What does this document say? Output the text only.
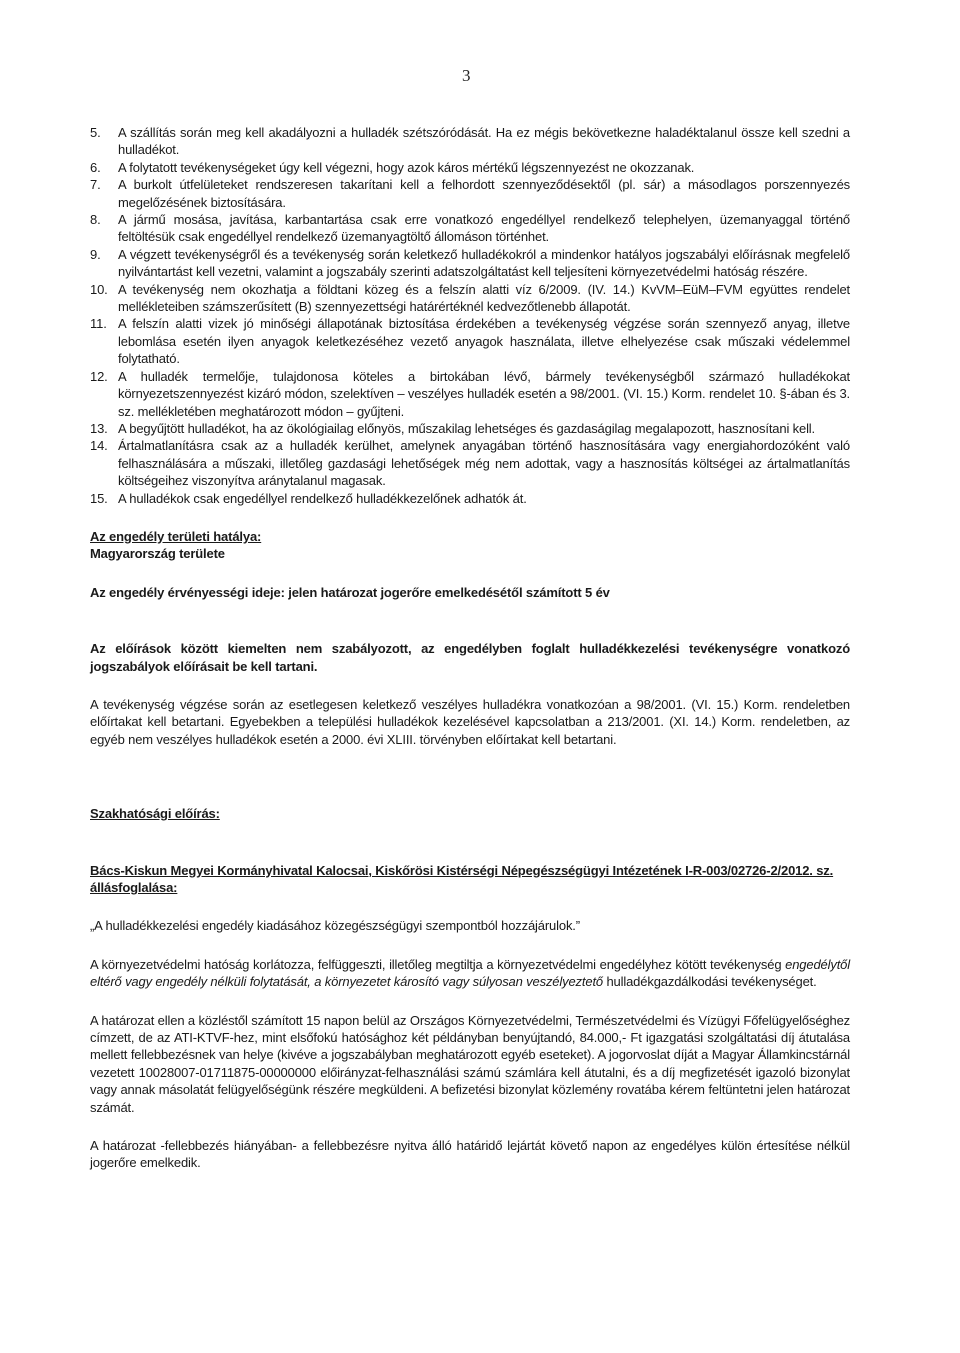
3
5. A szállítás során meg kell akadályozni a hulladék szétszóródását. Ha ez mégis bekövetkezne haladéktalanul össze kell szedni a hulladékot.
6. A folytatott tevékenységeket úgy kell végezni, hogy azok káros mértékű légszennyezést ne okozzanak.
7. A burkolt útfelületeket rendszeresen takarítani kell a felhordott szennyeződésektől (pl. sár) a másodlagos porszennyezés megelőzésének biztosítására.
8. A jármű mosása, javítása, karbantartása csak erre vonatkozó engedéllyel rendelkező telephelyen, üzemanyaggal történő feltöltésük csak engedéllyel rendelkező üzemanyagtöltő állomáson történhet.
9. A végzett tevékenységről és a tevékenység során keletkező hulladékokról a mindenkor hatályos jogszabályi előírásnak megfelelő nyilvántartást kell vezetni, valamint a jogszabály szerinti adatszolgáltatást kell teljesíteni környezetvédelmi hatóság részére.
10. A tevékenység nem okozhatja a földtani közeg és a felszín alatti víz 6/2009. (IV. 14.) KvVM–EüM–FVM együttes rendelet mellékleteiben számszerűsített (B) szennyezettségi határértéknél kedvezőtlenebb állapotát.
11. A felszín alatti vizek jó minőségi állapotának biztosítása érdekében a tevékenység végzése során szennyező anyag, illetve lebomlása esetén ilyen anyagok keletkezéséhez vezető anyagok használata, illetve elhelyezése csak műszaki védelemmel folytatható.
12. A hulladék termelője, tulajdonosa köteles a birtokában lévő, bármely tevékenységből származó hulladékokat környezetszennyezést kizáró módon, szelektíven – veszélyes hulladék esetén a 98/2001. (VI. 15.) Korm. rendelet 10. §-ában és 3. sz. mellékletében meghatározott módon – gyűjteni.
13. A begyűjtött hulladékot, ha az ökológiailag előnyös, műszakilag lehetséges és gazdaságilag megalapozott, hasznosítani kell.
14. Ártalmatlanításra csak az a hulladék kerülhet, amelynek anyagában történő hasznosítására vagy energiahordozóként való felhasználására a műszaki, illetőleg gazdasági lehetőségek még nem adottak, vagy a hasznosítás költségei az ártalmatlanítás költségeihez viszonyítva aránytalanul magasak.
15. A hulladékok csak engedéllyel rendelkező hulladékkezelőnek adhatók át.

Az engedély területi hatálya:

Magyarország területe

Az engedély érvényességi ideje: jelen határozat jogerőre emelkedésétől számított 5 év

Az előírások között kiemelten nem szabályozott, az engedélyben foglalt hulladékkezelési tevékenységre vonatkozó jogszabályok előírásait be kell tartani.

A tevékenység végzése során az esetlegesen keletkező veszélyes hulladékra vonatkozóan a 98/2001. (VI. 15.) Korm. rendeletben előírtakat kell betartani. Egyebekben a települési hulladékok kezelésével kapcsolatban a 213/2001. (XI. 14.) Korm. rendeletben, az egyéb nem veszélyes hulladékok esetén a 2000. évi XLIII. törvényben előírtakat kell betartani.

Szakhatósági előírás:

Bács-Kiskun Megyei Kormányhivatal Kalocsai, Kiskőrösi Kistérségi Népegészségügyi Intézetének I-R-003/02726-2/2012. sz. állásfoglalása:

„A hulladékkezelési engedély kiadásához közegészségügyi szempontból hozzájárulok.”

A környezetvédelmi hatóság korlátozza, felfüggeszti, illetőleg megtiltja a környezetvédelmi engedélyhez kötött tevékenység engedélytől eltérő vagy engedély nélküli folytatását, a környezetet károsító vagy súlyosan veszélyeztető hulladékgazdálkodási tevékenységet.

A határozat ellen a közléstől számított 15 napon belül az Országos Környezetvédelmi, Természetvédelmi és Vízügyi Főfelügyelőséghez címzett, de az ATI-KTVF-hez, mint elsőfokú hatósághoz két példányban benyújtandó, 84.000,- Ft igazgatási szolgáltatási díj átutalása mellett fellebbezésnek van helye (kivéve a jogszabályban meghatározott egyéb eseteket). A jogorvoslat díját a Magyar Államkincstárnál vezetett 10028007-01711875-00000000 előirányzat-felhasználási számú számlára kell átutalni, és a díj megfizetését igazoló bizonylat vagy annak másolatát felügyelőségünk részére megküldeni. A befizetési bizonylat közlemény rovatába kérem feltüntetni jelen határozat számát.

A határozat -fellebbezés hiányában- a fellebbezésre nyitva álló határidő lejártát követő napon az engedélyes külön értesítése nélkül jogerőre emelkedik.
